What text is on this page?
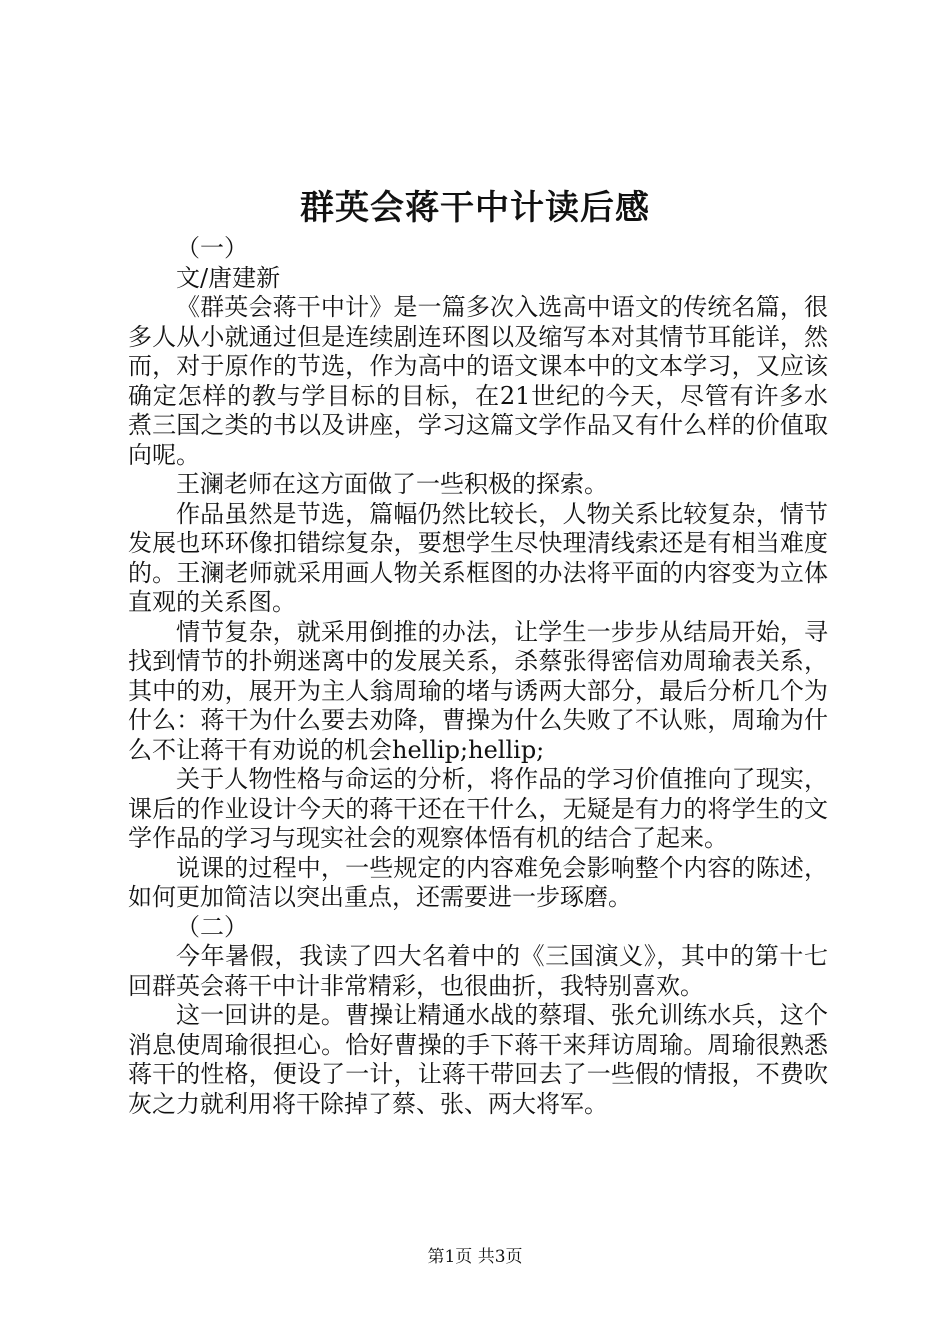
群英会蒋干中计读后感

（一）

文/唐建新

《群英会蒋干中计》是一篇多次入选高中语文的传统名篇，很多人从小就通过但是连续剧连环图以及缩写本对其情节耳能详，然而，对于原作的节选，作为高中的语文课本中的文本学习，又应该确定怎样的教与学目标的目标，在21世纪的今天，尽管有许多水煮三国之类的书以及讲座，学习这篇文学作品又有什么样的价值取向呢。

王澜老师在这方面做了一些积极的探索。

作品虽然是节选，篇幅仍然比较长，人物关系比较复杂，情节发展也环环像扣错综复杂，要想学生尽快理清线索还是有相当难度的。王澜老师就采用画人物关系框图的办法将平面的内容变为立体直观的关系图。

情节复杂，就采用倒推的办法，让学生一步步从结局开始，寻找到情节的扑朔迷离中的发展关系，杀蔡张得密信劝周瑜表关系，其中的劝，展开为主人翁周瑜的堵与诱两大部分，最后分析几个为什么：蒋干为什么要去劝降，曹操为什么失败了不认账，周瑜为什么不让蒋干有劝说的机会hellip;hellip;

关于人物性格与命运的分析，将作品的学习价值推向了现实，课后的作业设计今天的蒋干还在干什么，无疑是有力的将学生的文学作品的学习与现实社会的观察体悟有机的结合了起来。

说课的过程中，一些规定的内容难免会影响整个内容的陈述，如何更加简洁以突出重点，还需要进一步琢磨。

（二）

今年暑假，我读了四大名着中的《三国演义》，其中的第十七回群英会蒋干中计非常精彩，也很曲折，我特别喜欢。

这一回讲的是。曹操让精通水战的蔡瑁、张允训练水兵，这个消息使周瑜很担心。恰好曹操的手下蒋干来拜访周瑜。周瑜很熟悉蒋干的性格，便设了一计，让蒋干带回去了一些假的情报，不费吹灰之力就利用将干除掉了蔡、张、两大将军。

第1页 共3页
